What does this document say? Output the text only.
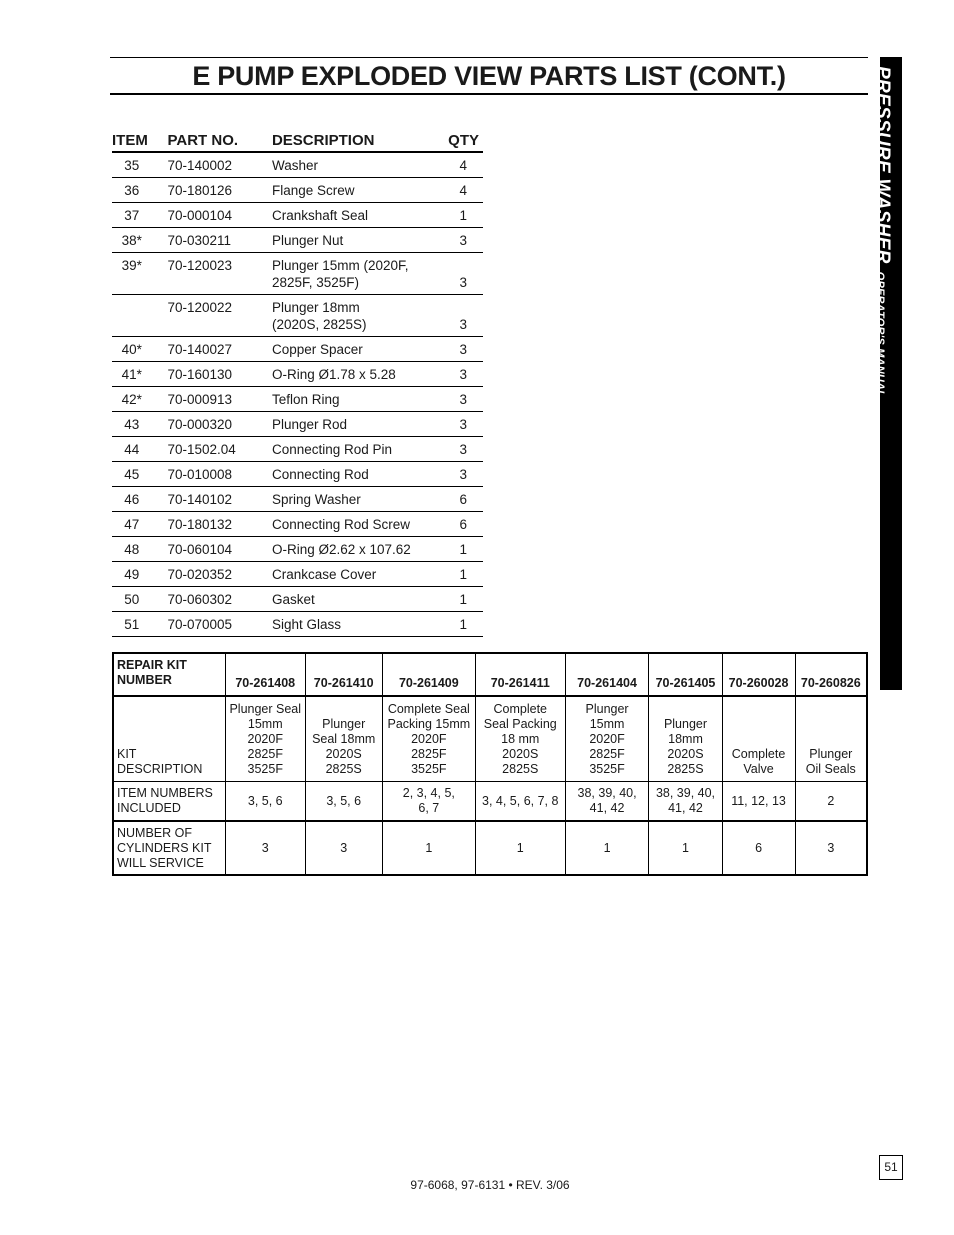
E PUMP EXPLODED VIEW PARTS LIST (CONT.)	PRESSURE WASHEROPERATOR'S MANUAL
ITEM	PART NO.	DESCRIPTION	QTY
35	70-140002	Washer	4
36	70-180126	Flange Screw	4
37	70-000104	Crankshaft Seal	1
38*	70-030211	Plunger Nut	3
39*	70-120023	Plunger 15mm (2020F,
2825F, 3525F)	3
	70-120022	Plunger 18mm
(2020S, 2825S)	3
40*	70-140027	Copper Spacer	3
41*	70-160130	O-Ring Ø1.78 x 5.28	3
42*	70-000913	Teflon Ring	3
43	70-000320	Plunger Rod	3
44	70-1502.04	Connecting Rod Pin	3
45	70-010008	Connecting Rod	3
46	70-140102	Spring Washer	6
47	70-180132	Connecting Rod Screw	6
48	70-060104	O-Ring Ø2.62 x 107.62	1
49	70-020352	Crankcase Cover	1
50	70-060302	Gasket	1
51	70-070005	Sight Glass	1
REPAIR KIT
NUMBER	70-261408	70-261410	70-261409	70-261411	70-261404	70-261405	70-260028	70-260826

KIT
DESCRIPTION	Plunger Seal
15mm
2020F
2825F
3525F	Plunger
Seal 18mm
2020S
2825S	Complete Seal
Packing 15mm
2020F
2825F
3525F	Complete
Seal Packing
18 mm
2020S
2825S	Plunger
15mm
2020F
2825F
3525F	Plunger
18mm
2020S
2825S	Complete
Valve	Plunger
Oil Seals

ITEM NUMBERS
INCLUDED	3, 5, 6	3, 5, 6	2, 3, 4, 5,
6, 7	3, 4, 5, 6, 7, 8	38, 39, 40,
41, 42	38, 39, 40,
41, 42	11, 12, 13	2

NUMBER OF
CYLINDERS KIT
WILL SERVICE	3	3	1	1	1	1	6	3
51
97-6068, 97-6131 • REV. 3/06
